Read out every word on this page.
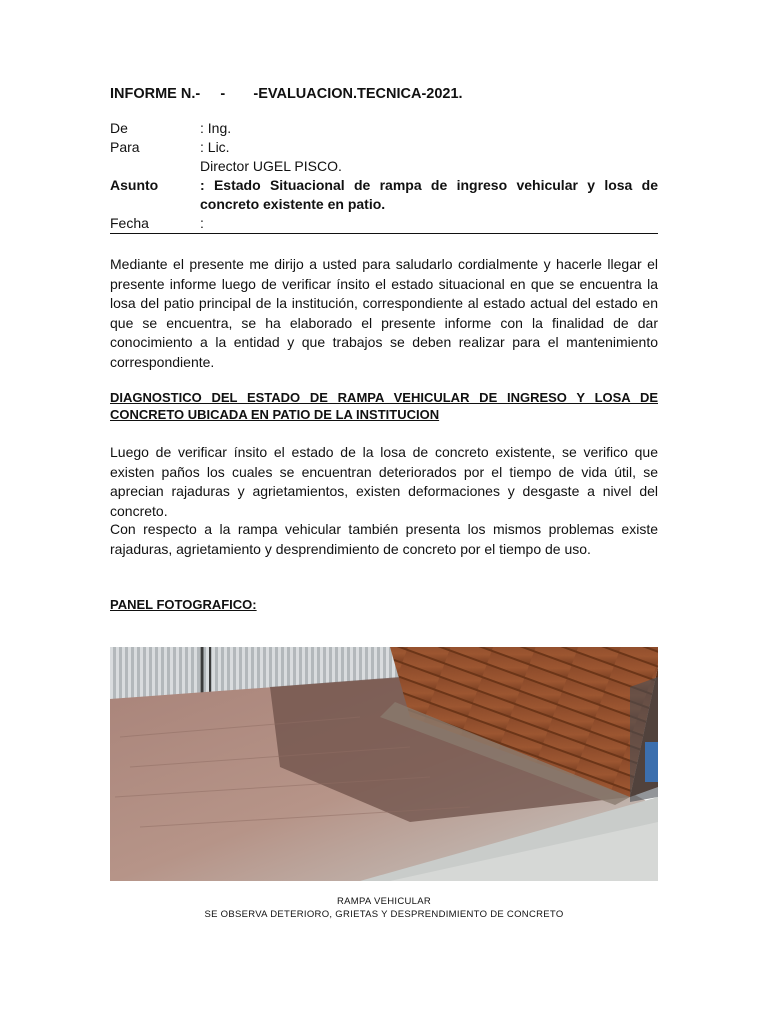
INFORME N.-     -       -EVALUACION.TECNICA-2021.
De	: Ing.
Para	: Lic.
Director UGEL PISCO.
Asunto	: Estado Situacional de rampa de ingreso vehicular y losa de concreto existente en patio.
Fecha	:
Mediante el presente me dirijo a usted para saludarlo cordialmente y hacerle llegar el presente informe luego de verificar ínsito el estado situacional en que se encuentra la losa del patio principal de la institución, correspondiente al estado actual del estado en que se encuentra, se ha elaborado el presente informe con la finalidad de dar conocimiento a la entidad y que trabajos se deben realizar para el mantenimiento correspondiente.
DIAGNOSTICO DEL ESTADO DE RAMPA VEHICULAR DE INGRESO Y LOSA DE CONCRETO UBICADA EN PATIO DE LA INSTITUCION
Luego de verificar ínsito el estado de la losa de concreto existente, se verifico que existen paños los cuales se encuentran deteriorados por el tiempo de vida útil, se aprecian rajaduras y agrietamientos, existen deformaciones y desgaste a nivel del concreto.
Con respecto a la rampa vehicular también presenta los mismos problemas existe rajaduras, agrietamiento y desprendimiento de concreto por el tiempo de uso.
PANEL FOTOGRAFICO:
RAMPA VEHICULAR
SE OBSERVA DETERIORO, GRIETAS Y DESPRENDIMIENTO DE CONCRETO
